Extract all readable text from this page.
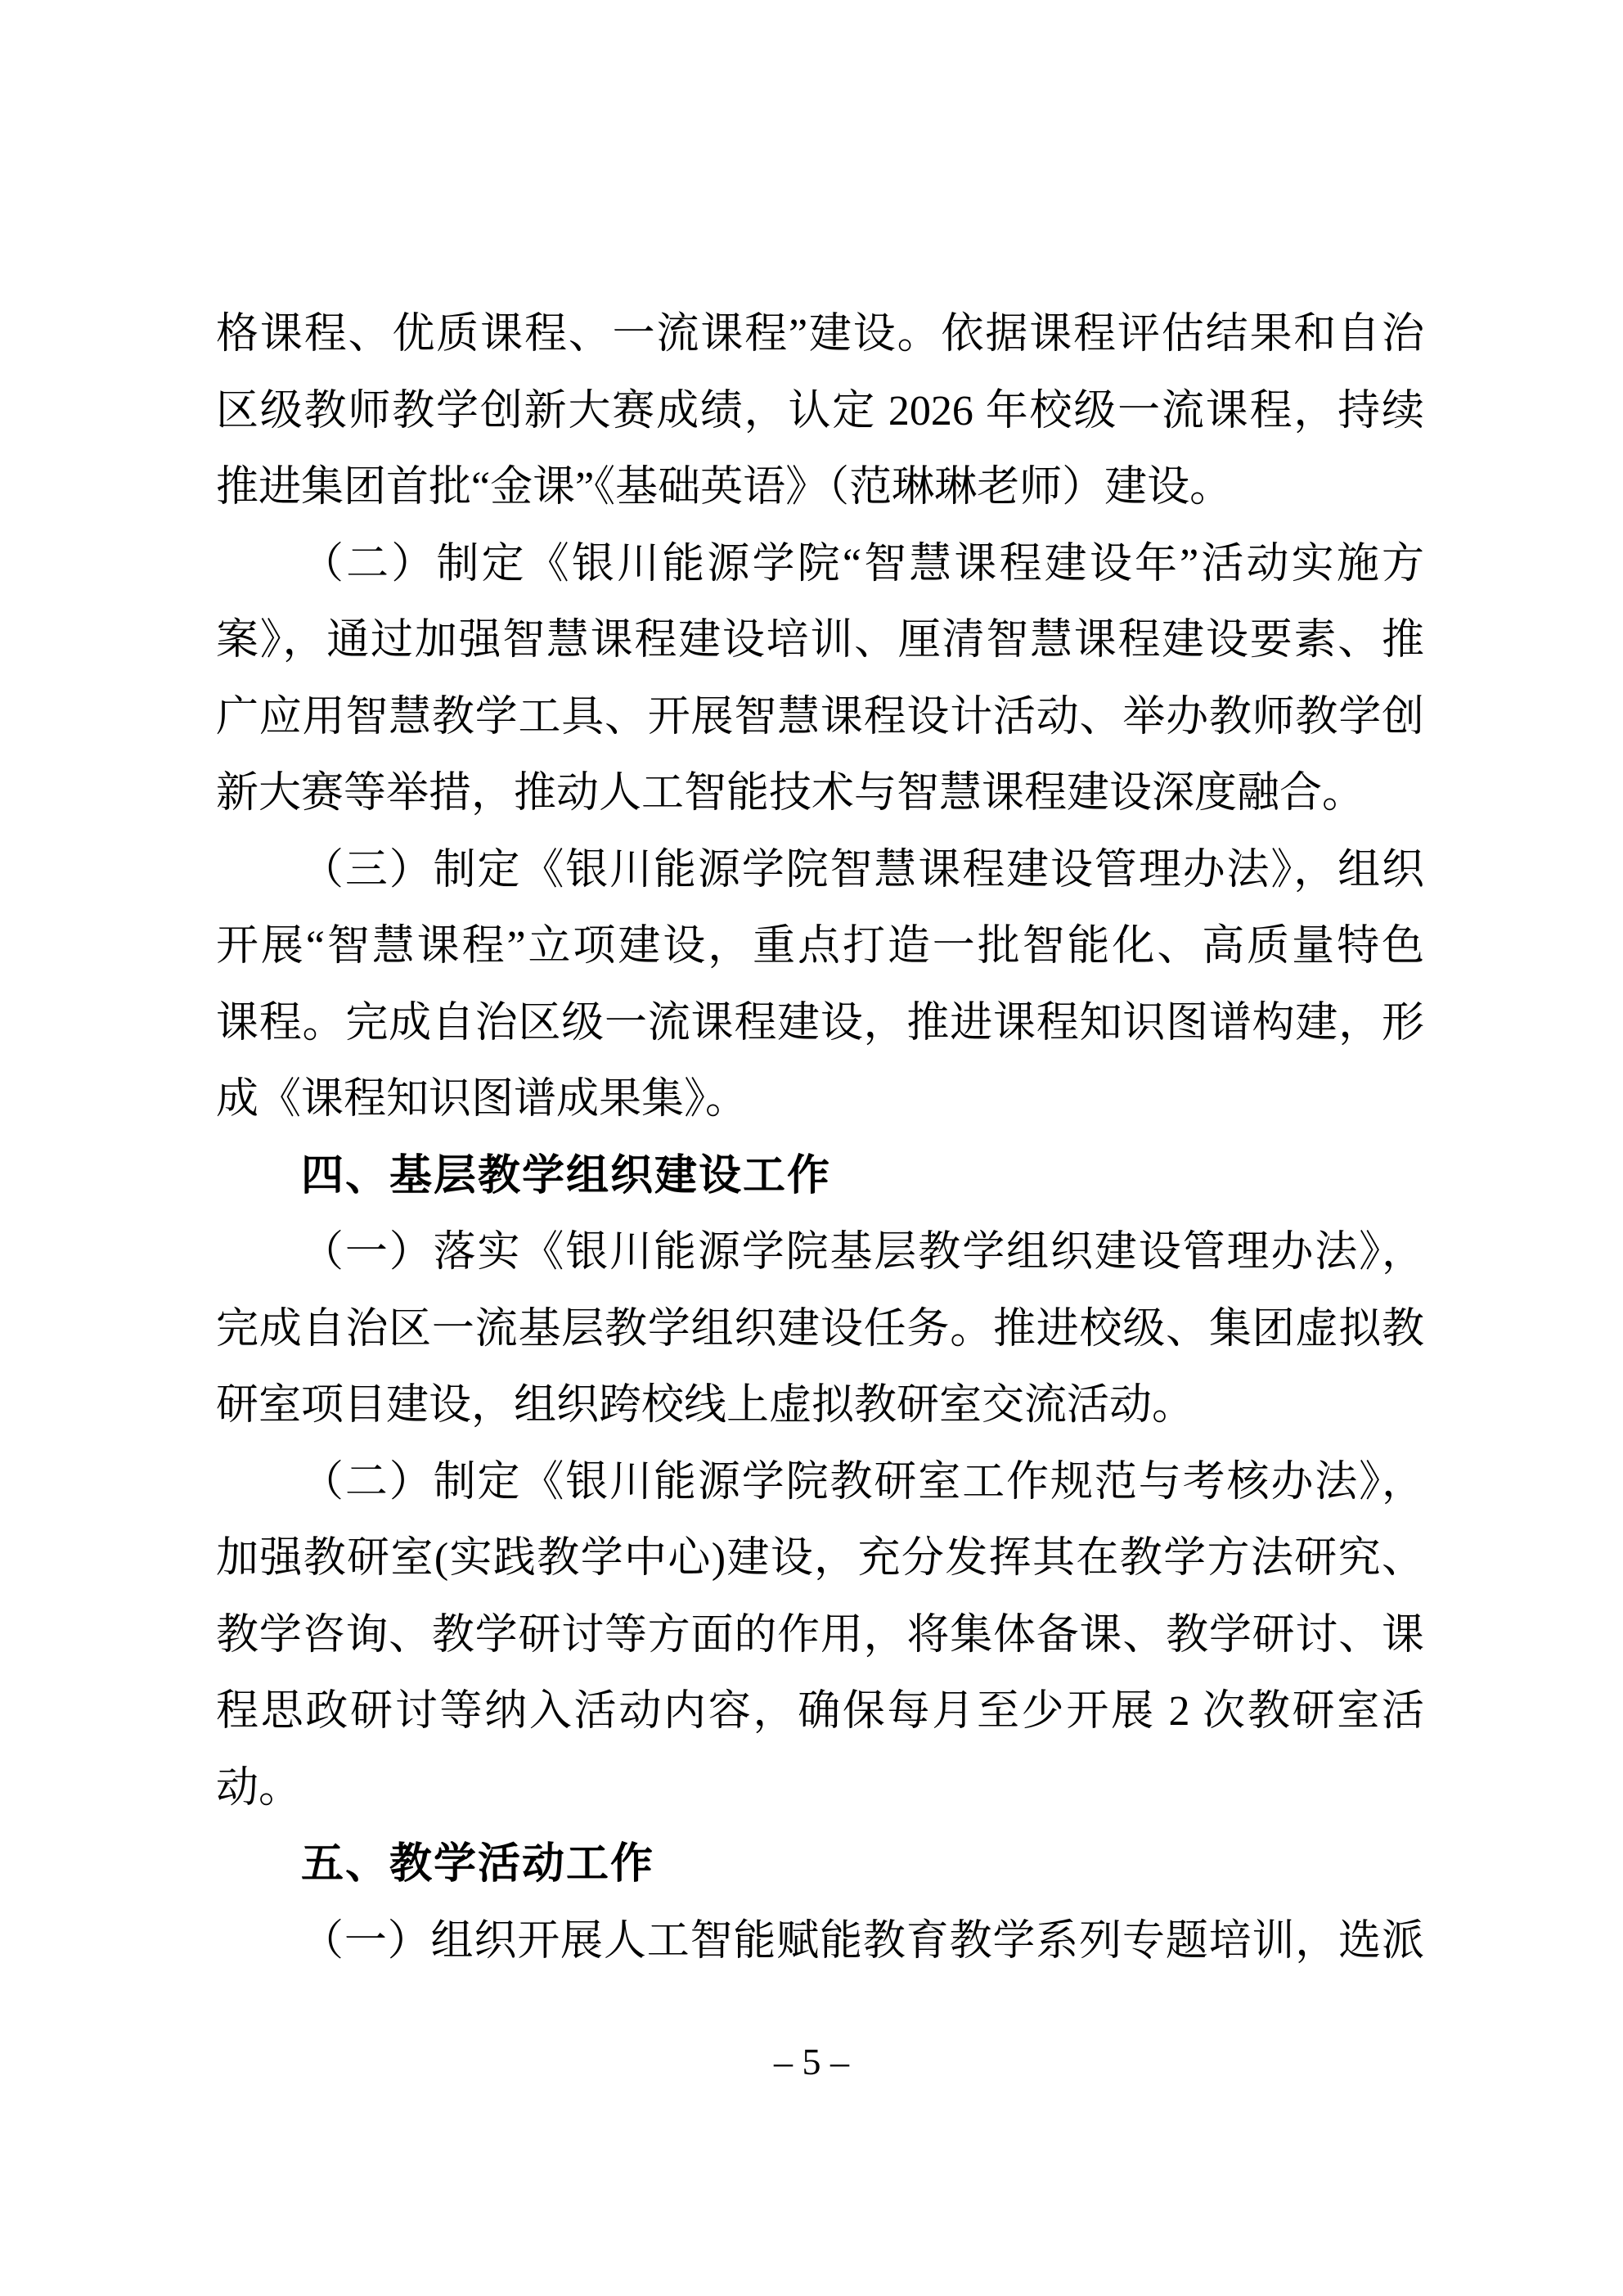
格课程、优质课程、一流课程”建设。依据课程评估结果和自治
区级教师教学创新大赛成绩，认定 2026 年校级一流课程，持续
推进集团首批“金课”《基础英语》（范琳琳老师）建设。
（二）制定《银川能源学院“智慧课程建设年”活动实施方
案》，通过加强智慧课程建设培训、厘清智慧课程建设要素、推
广应用智慧教学工具、开展智慧课程设计活动、举办教师教学创
新大赛等举措，推动人工智能技术与智慧课程建设深度融合。
（三）制定《银川能源学院智慧课程建设管理办法》，组织
开展“智慧课程”立项建设，重点打造一批智能化、高质量特色
课程。完成自治区级一流课程建设，推进课程知识图谱构建，形
成《课程知识图谱成果集》。
四、基层教学组织建设工作
（一）落实《银川能源学院基层教学组织建设管理办法》，
完成自治区一流基层教学组织建设任务。推进校级、集团虚拟教
研室项目建设，组织跨校线上虚拟教研室交流活动。
（二）制定《银川能源学院教研室工作规范与考核办法》，
加强教研室(实践教学中心)建设，充分发挥其在教学方法研究、
教学咨询、教学研讨等方面的作用，将集体备课、教学研讨、课
程思政研讨等纳入活动内容，确保每月至少开展 2 次教研室活
动。
五、教学活动工作
（一）组织开展人工智能赋能教育教学系列专题培训，选派
– 5 –
